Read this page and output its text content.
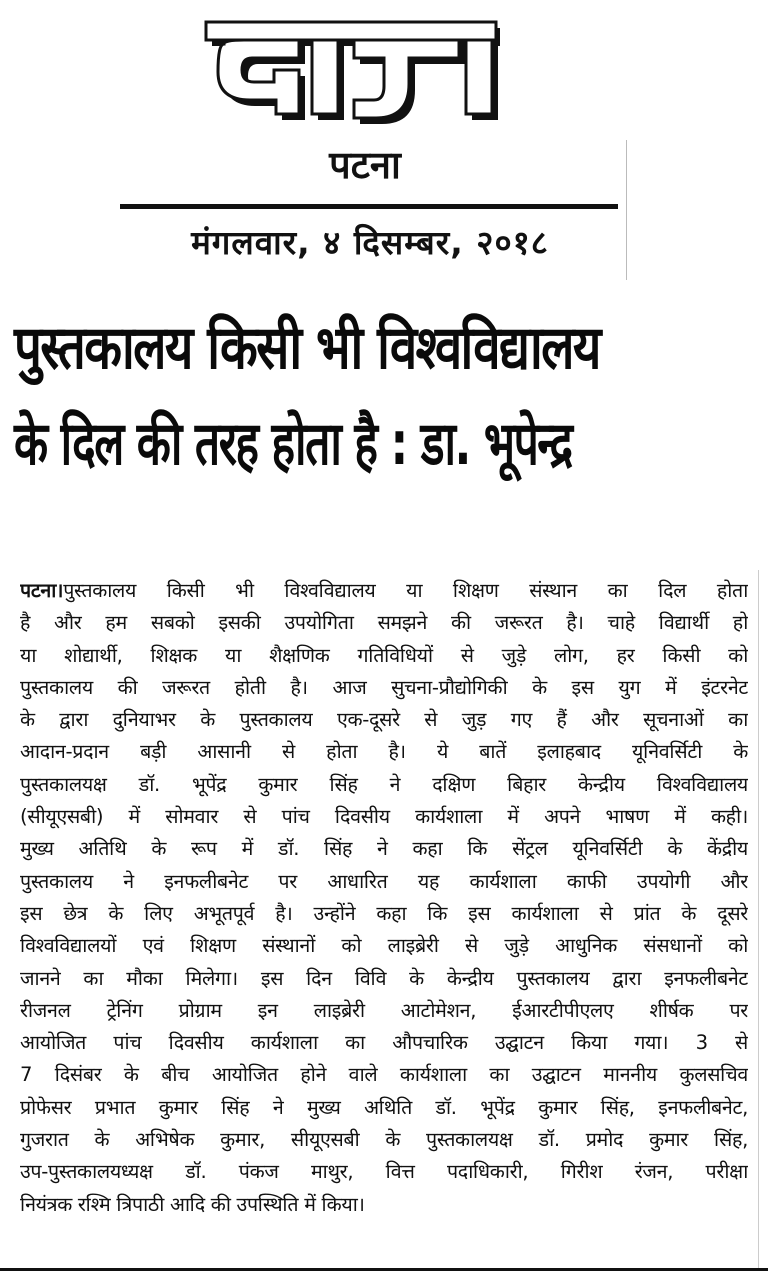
पटना
मंगलवार, ४ दिसम्बर, २०१८
पुस्तकालय किसी भी विश्वविद्यालय
के दिल की तरह होता है : डा. भूपेन्द्र
पटना।पुस्तकालय किसी भी विश्वविद्यालय या शिक्षण संस्थान का दिल होता
है और हम सबको इसकी उपयोगिता समझने की जरूरत है। चाहे विद्यार्थी हो
या शोद्यार्थी, शिक्षक या शैक्षणिक गतिविधियों से जुड़े लोग, हर किसी को
पुस्तकालय की जरूरत होती है। आज सुचना-प्रौद्योगिकी के इस युग में इंटरनेट
के द्वारा दुनियाभर के पुस्तकालय एक-दूसरे से जुड़ गए हैं और सूचनाओं का
आदान-प्रदान बड़ी आसानी से होता है। ये बातें इलाहबाद यूनिवर्सिटी के
पुस्तकालयक्ष डॉ. भूपेंद्र कुमार सिंह ने दक्षिण बिहार केन्द्रीय विश्वविद्यालय
(सीयूएसबी) में सोमवार से पांच दिवसीय कार्यशाला में अपने भाषण में कही।
मुख्य अतिथि के रूप में डॉ. सिंह ने कहा कि सेंट्रल यूनिवर्सिटी के केंद्रीय
पुस्तकालय ने इनफलीबनेट पर आधारित यह कार्यशाला काफी उपयोगी और
इस छेत्र के लिए अभूतपूर्व है। उन्होंने कहा कि इस कार्यशाला से प्रांत के दूसरे
विश्वविद्यालयों एवं शिक्षण संस्थानों को लाइब्रेरी से जुड़े आधुनिक संसधानों को
जानने का मौका मिलेगा। इस दिन विवि के केन्द्रीय पुस्तकालय द्वारा इनफलीबनेट
रीजनल ट्रेनिंग प्रोग्राम इन लाइब्रेरी आटोमेशन, ईआरटीपीएलए शीर्षक पर
आयोजित पांच दिवसीय कार्यशाला का औपचारिक उद्घाटन किया गया। 3 से
7 दिसंबर के बीच आयोजित होने वाले कार्यशाला का उद्घाटन माननीय कुलसचिव
प्रोफेसर प्रभात कुमार सिंह ने मुख्य अथिति डॉ. भूपेंद्र कुमार सिंह, इनफलीबनेट,
गुजरात के अभिषेक कुमार, सीयूएसबी के पुस्तकालयक्ष डॉ. प्रमोद कुमार सिंह,
उप-पुस्तकालयध्यक्ष डॉ. पंकज माथुर, वित्त पदाधिकारी, गिरीश रंजन, परीक्षा
नियंत्रक रश्मि त्रिपाठी आदि की उपस्थिति में किया।
